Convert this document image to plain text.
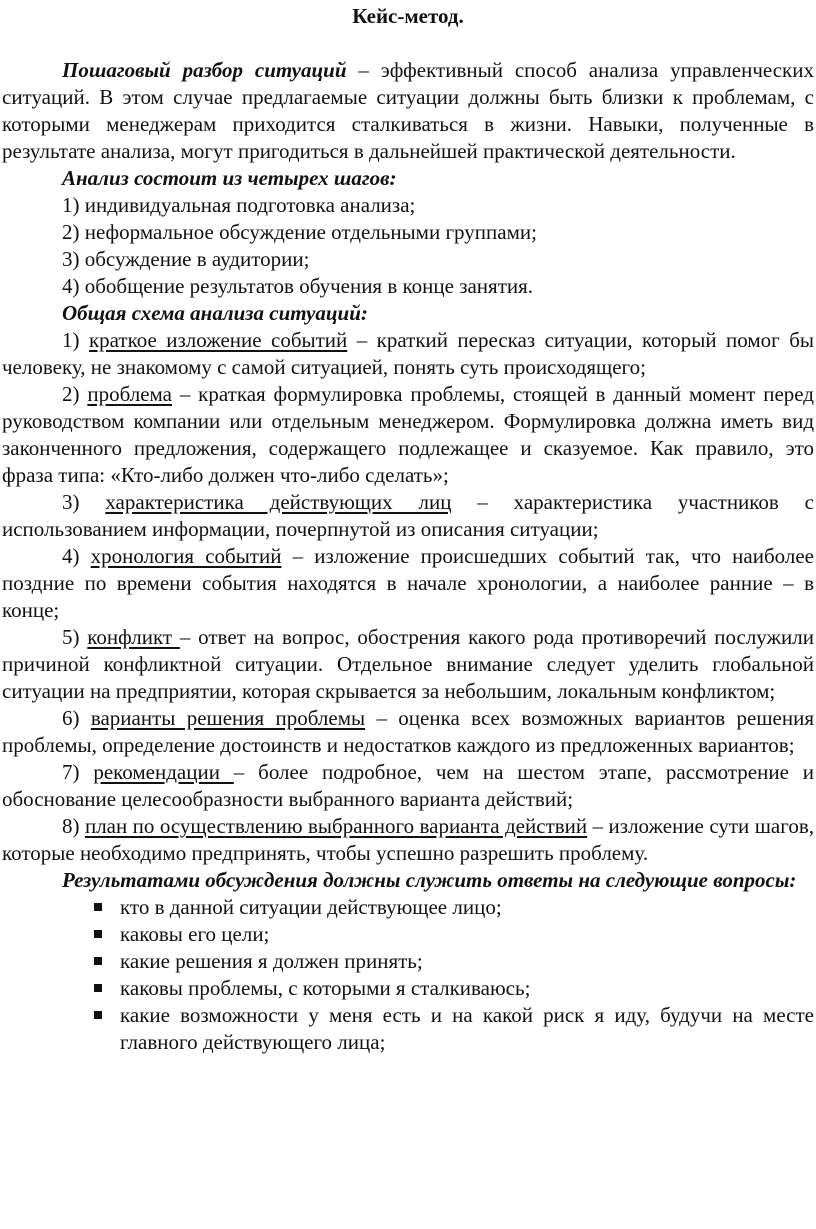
Кейс-метод.

Пошаговый разбор ситуаций – эффективный способ анализа управленческих ситуаций. В этом случае предлагаемые ситуации должны быть близки к проблемам, с которыми менеджерам приходится сталкиваться в жизни. Навыки, полученные в результате анализа, могут пригодиться в дальнейшей практической деятельности.

Анализ состоит из четырех шагов:

1) индивидуальная подготовка анализа;

2) неформальное обсуждение отдельными группами;

3) обсуждение в аудитории;

4) обобщение результатов обучения в конце занятия.

Общая схема анализа ситуаций:

1) краткое изложение событий – краткий пересказ ситуации, который помог бы человеку, не знакомому с самой ситуацией, понять суть происходящего;

2) проблема – краткая формулировка проблемы, стоящей в данный момент перед руководством компании или отдельным менеджером. Формулировка должна иметь вид законченного предложения, содержащего подлежащее и сказуемое. Как правило, это фраза типа: «Кто-либо должен что-либо сделать»;

3) характеристика действующих лиц – характеристика участников с использованием информации, почерпнутой из описания ситуации;

4) хронология событий – изложение происшедших событий так, что наиболее поздние по времени события находятся в начале хронологии, а наиболее ранние – в конце;

5) конфликт – ответ на вопрос, обострения какого рода противоречий послужили причиной конфликтной ситуации. Отдельное внимание следует уделить глобальной ситуации на предприятии, которая скрывается за небольшим, локальным конфликтом;

6) варианты решения проблемы – оценка всех возможных вариантов решения проблемы, определение достоинств и недостатков каждого из предложенных вариантов;

7) рекомендации – более подробное, чем на шестом этапе, рассмотрение и обоснование целесообразности выбранного варианта действий;

8) план по осуществлению выбранного варианта действий – изложение сути шагов, которые необходимо предпринять, чтобы успешно разрешить проблему.

Результатами обсуждения должны служить ответы на следующие вопросы:

кто в данной ситуации действующее лицо;
каковы его цели;
какие решения я должен принять;
каковы проблемы, с которыми я сталкиваюсь;
какие возможности у меня есть и на какой риск я иду, будучи на месте главного действующего лица;
